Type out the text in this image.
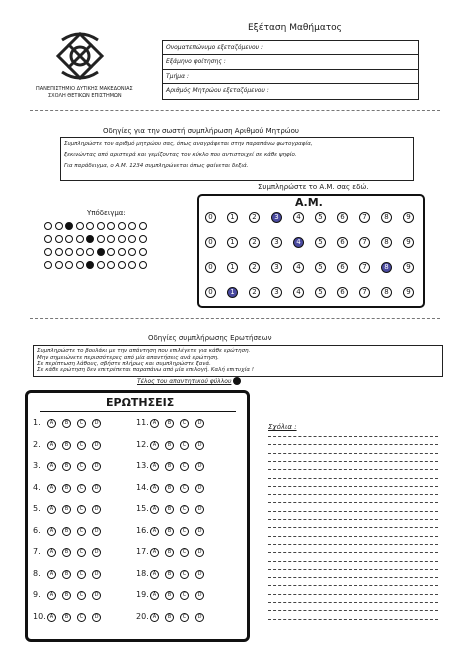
ΠΑΝΕΠΙΣΤΗΜΙΟ ΔΥΤΙΚΗΣ ΜΑΚΕΔΟΝΙΑΣ
ΣΧΟΛΗ ΘΕΤΙΚΩΝ ΕΠΙΣΤΗΜΩΝ
Εξέταση Μαθήματος
Ονοματεπώνυμο εξεταζόμενου :
Εξάμηνο φοίτησης :
Τμήμα :
Αριθμός Μητρώου εξεταζόμενου :
Οδηγίες για την σωστή συμπλήρωση Αριθμού Μητρώου
Συμπληρώστε τον αριθμό μητρώου σας, όπως αναγράφεται στην παραπάνω φωτογραφία,
ξεκινώντας από αριστερά και γεμίζοντας τον κύκλο που αντιστοιχεί σε κάθε ψηφίο.
Για παράδειγμα, ο Α.Μ. 1234 συμπληρώνεται όπως φαίνεται δεξιά.
Υπόδειγμα:
Συμπληρώστε το Α.Μ. σας εδώ.
Α.Μ.
0	1	2	3	4	5	6	7	8	9
0	1	2	3	4	5	6	7	8	9
0	1	2	3	4	5	6	7	8	9
0	1	2	3	4	5	6	7	8	9
Οδηγίες συμπλήρωσης Ερωτήσεων
Συμπληρώστε το βουλάκι με την απάντηση που επιλέγετε για κάθε ερώτηση.
Μην σημειώνετε περισσότερες από μία απαντήσεις ανά ερώτηση.
Σε περίπτωση λάθους, σβήστε πλήρως και συμπληρώστε ξανά.
Σε κάθε ερώτηση δεν επιτρέπεται παραπάνω από μία επιλογή. Καλή επιτυχία !
Τέλος του απαντητικού φύλλου
ΕΡΩΤΗΣΕΙΣ
1.	A	B	C	D
2.	A	B	C	D
3.	A	B	C	D
4.	A	B	C	D
5.	A	B	C	D
6.	A	B	C	D
7.	A	B	C	D
8.	A	B	C	D
9.	A	B	C	D
10. A	B	C	D
11. A	B	C	D
12. A	B	C	D
13. A	B	C	D
14. A	B	C	D
15. A	B	C	D
16. A	B	C	D
17. A	B	C	D
18. A	B	C	D
19. A	B	C	D
20. A	B	C	D
Σχόλια :
